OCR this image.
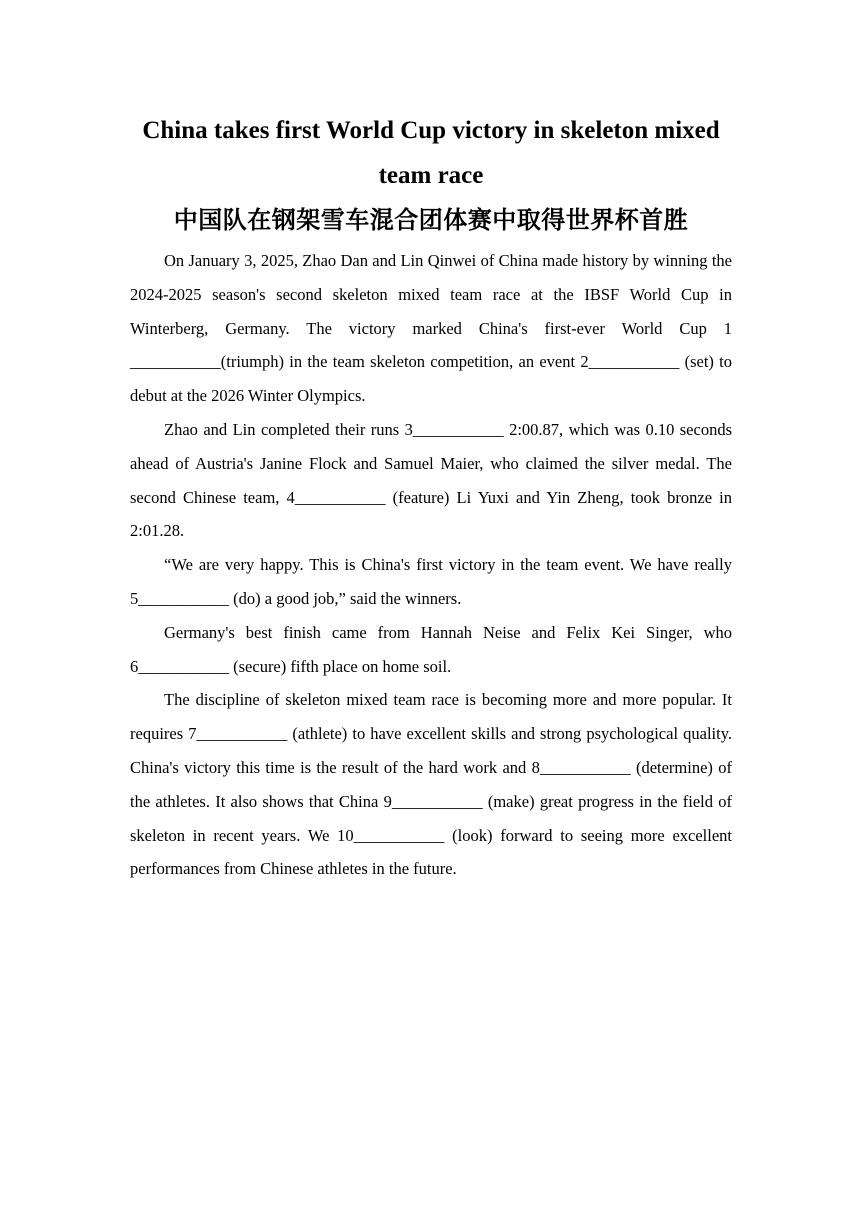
China takes first World Cup victory in skeleton mixed team race
中国队在钢架雪车混合团体赛中取得世界杯首胜

On January 3, 2025, Zhao Dan and Lin Qinwei of China made history by winning the 2024-2025 season's second skeleton mixed team race at the IBSF World Cup in Winterberg, Germany. The victory marked China's first-ever World Cup 1 ___________(triumph) in the team skeleton competition, an event 2___________ (set) to debut at the 2026 Winter Olympics.

Zhao and Lin completed their runs 3___________ 2:00.87, which was 0.10 seconds ahead of Austria's Janine Flock and Samuel Maier, who claimed the silver medal. The second Chinese team, 4___________ (feature) Li Yuxi and Yin Zheng, took bronze in 2:01.28.

“We are very happy. This is China's first victory in the team event. We have really 5___________ (do) a good job,” said the winners.

Germany's best finish came from Hannah Neise and Felix Kei Singer, who 6___________ (secure) fifth place on home soil.

The discipline of skeleton mixed team race is becoming more and more popular. It requires 7___________ (athlete) to have excellent skills and strong psychological quality. China's victory this time is the result of the hard work and 8___________ (determine) of the athletes. It also shows that China 9___________ (make) great progress in the field of skeleton in recent years. We 10___________ (look) forward to seeing more excellent performances from Chinese athletes in the future.
